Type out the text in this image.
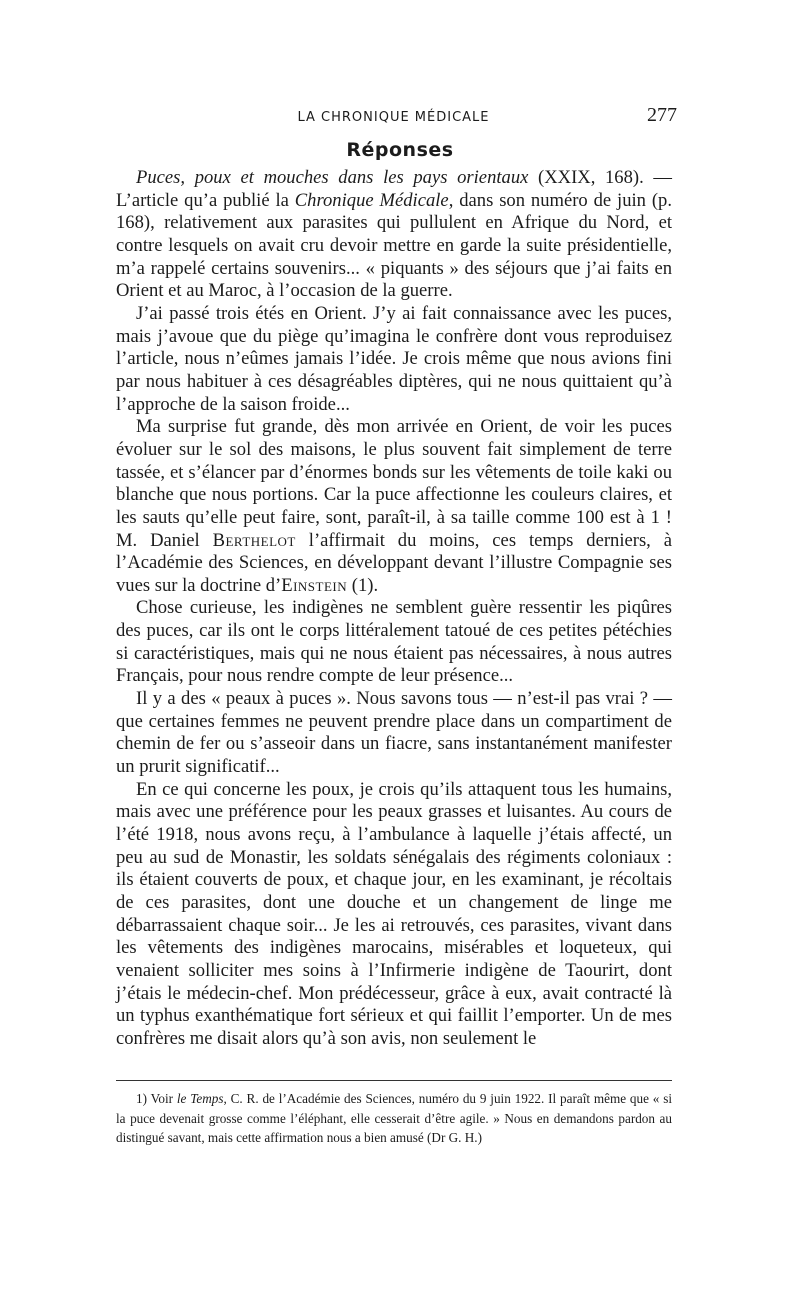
LA CHRONIQUE MÉDICALE	277
Réponses

Puces, poux et mouches dans les pays orientaux (XXIX, 168). — L’article qu’a publié la Chronique Médicale, dans son numéro de juin (p. 168), relativement aux parasites qui pullulent en Afrique du Nord, et contre lesquels on avait cru devoir mettre en garde la suite présidentielle, m’a rappelé certains souvenirs... « piquants » des séjours que j’ai faits en Orient et au Maroc, à l’occasion de la guerre.

J’ai passé trois étés en Orient. J’y ai fait connaissance avec les puces, mais j’avoue que du piège qu’imagina le confrère dont vous reproduisez l’article, nous n’eûmes jamais l’idée. Je crois même que nous avions fini par nous habituer à ces désagréables diptères, qui ne nous quittaient qu’à l’approche de la saison froide...

Ma surprise fut grande, dès mon arrivée en Orient, de voir les puces évoluer sur le sol des maisons, le plus souvent fait simplement de terre tassée, et s’élancer par d’énormes bonds sur les vêtements de toile kaki ou blanche que nous portions. Car la puce affectionne les couleurs claires, et les sauts qu’elle peut faire, sont, paraît-il, à sa taille comme 100 est à 1 ! M. Daniel Berthelot l’affirmait du moins, ces temps derniers, à l’Académie des Sciences, en développant devant l’illustre Compagnie ses vues sur la doctrine d’Einstein (1).

Chose curieuse, les indigènes ne semblent guère ressentir les piqûres des puces, car ils ont le corps littéralement tatoué de ces petites pétéchies si caractéristiques, mais qui ne nous étaient pas nécessaires, à nous autres Français, pour nous rendre compte de leur présence...

Il y a des « peaux à puces ». Nous savons tous — n’est-il pas vrai ? — que certaines femmes ne peuvent prendre place dans un compartiment de chemin de fer ou s’asseoir dans un fiacre, sans instantanément manifester un prurit significatif...

En ce qui concerne les poux, je crois qu’ils attaquent tous les humains, mais avec une préférence pour les peaux grasses et luisantes. Au cours de l’été 1918, nous avons reçu, à l’ambulance à laquelle j’étais affecté, un peu au sud de Monastir, les soldats sénégalais des régiments coloniaux : ils étaient couverts de poux, et chaque jour, en les examinant, je récoltais de ces parasites, dont une douche et un changement de linge me débarrassaient chaque soir... Je les ai retrouvés, ces parasites, vivant dans les vêtements des indigènes marocains, misérables et loqueteux, qui venaient solliciter mes soins à l’Infirmerie indigène de Taourirt, dont j’étais le médecin-chef. Mon prédécesseur, grâce à eux, avait contracté là un typhus exanthématique fort sérieux et qui faillit l’emporter. Un de mes confrères me disait alors qu’à son avis, non seulement le

1) Voir le Temps, C. R. de l’Académie des Sciences, numéro du 9 juin 1922. Il paraît même que « si la puce devenait grosse comme l’éléphant, elle cesserait d’être agile. » Nous en demandons pardon au distingué savant, mais cette affirmation nous a bien amusé (Dr G. H.)
